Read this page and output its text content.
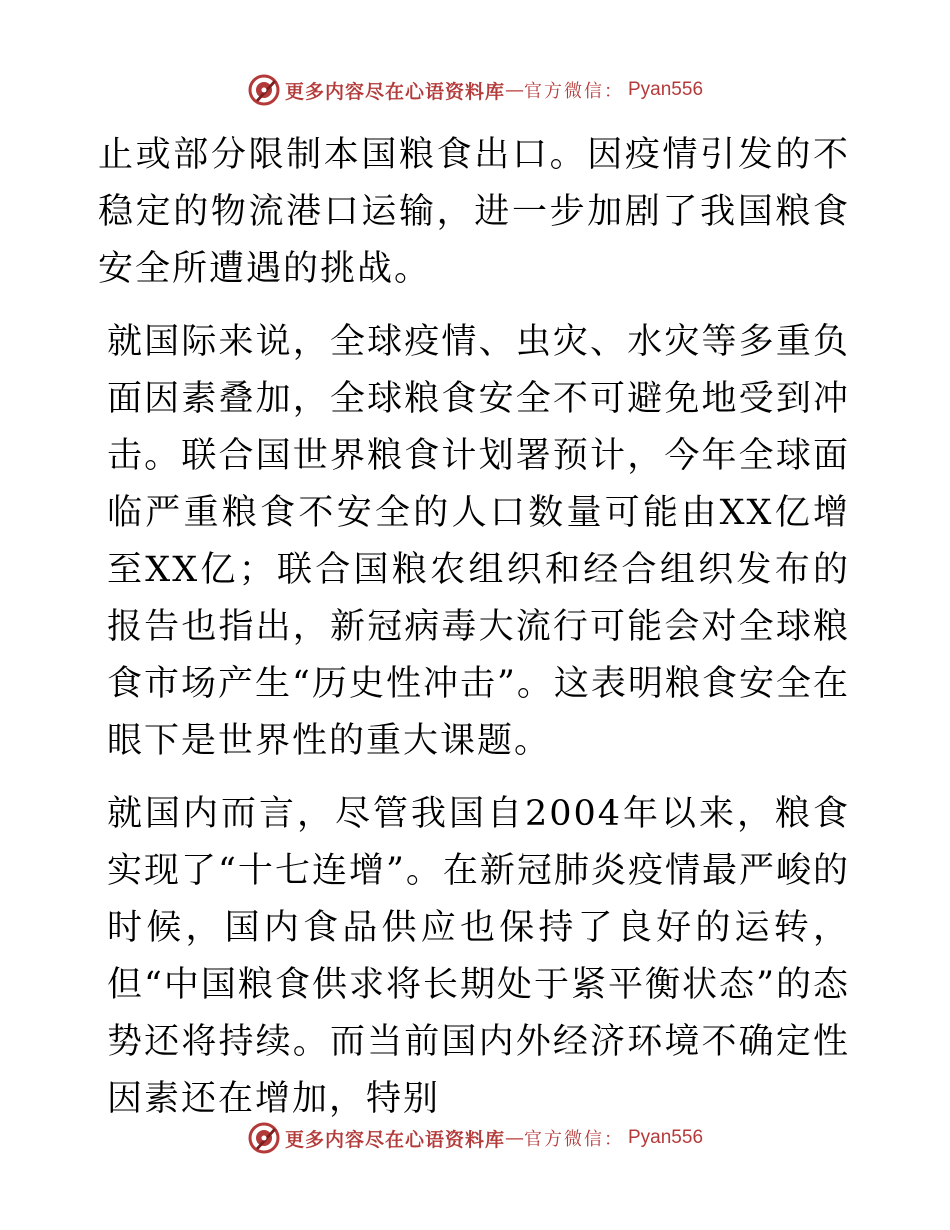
更多内容尽在心语资料库 — 官方微信 ： Pyan556

止或部分限制本国粮食出口。因疫情引发的不稳定的物流港口运输，进一步加剧了我国粮食安全所遭遇的挑战。

就国际来说，全球疫情、虫灾、水灾等多重负面因素叠加，全球粮食安全不可避免地受到冲击。联合国世界粮食计划署预计，今年全球面临严重粮食不安全的人口数量可能由XX亿增至XX亿；联合国粮农组织和经合组织发布的报告也指出，新冠病毒大流行可能会对全球粮食市场产生“历史性冲击”。这表明粮食安全在眼下是世界性的重大课题。

就国内而言，尽管我国自2004年以来，粮食实现了“十七连增”。在新冠肺炎疫情最严峻的时候，国内食品供应也保持了良好的运转，但“中国粮食供求将长期处于紧平衡状态”的态势还将持续。而当前国内外经济环境不确定性因素还在增加，特别

更多内容尽在心语资料库 — 官方微信 ： Pyan556
